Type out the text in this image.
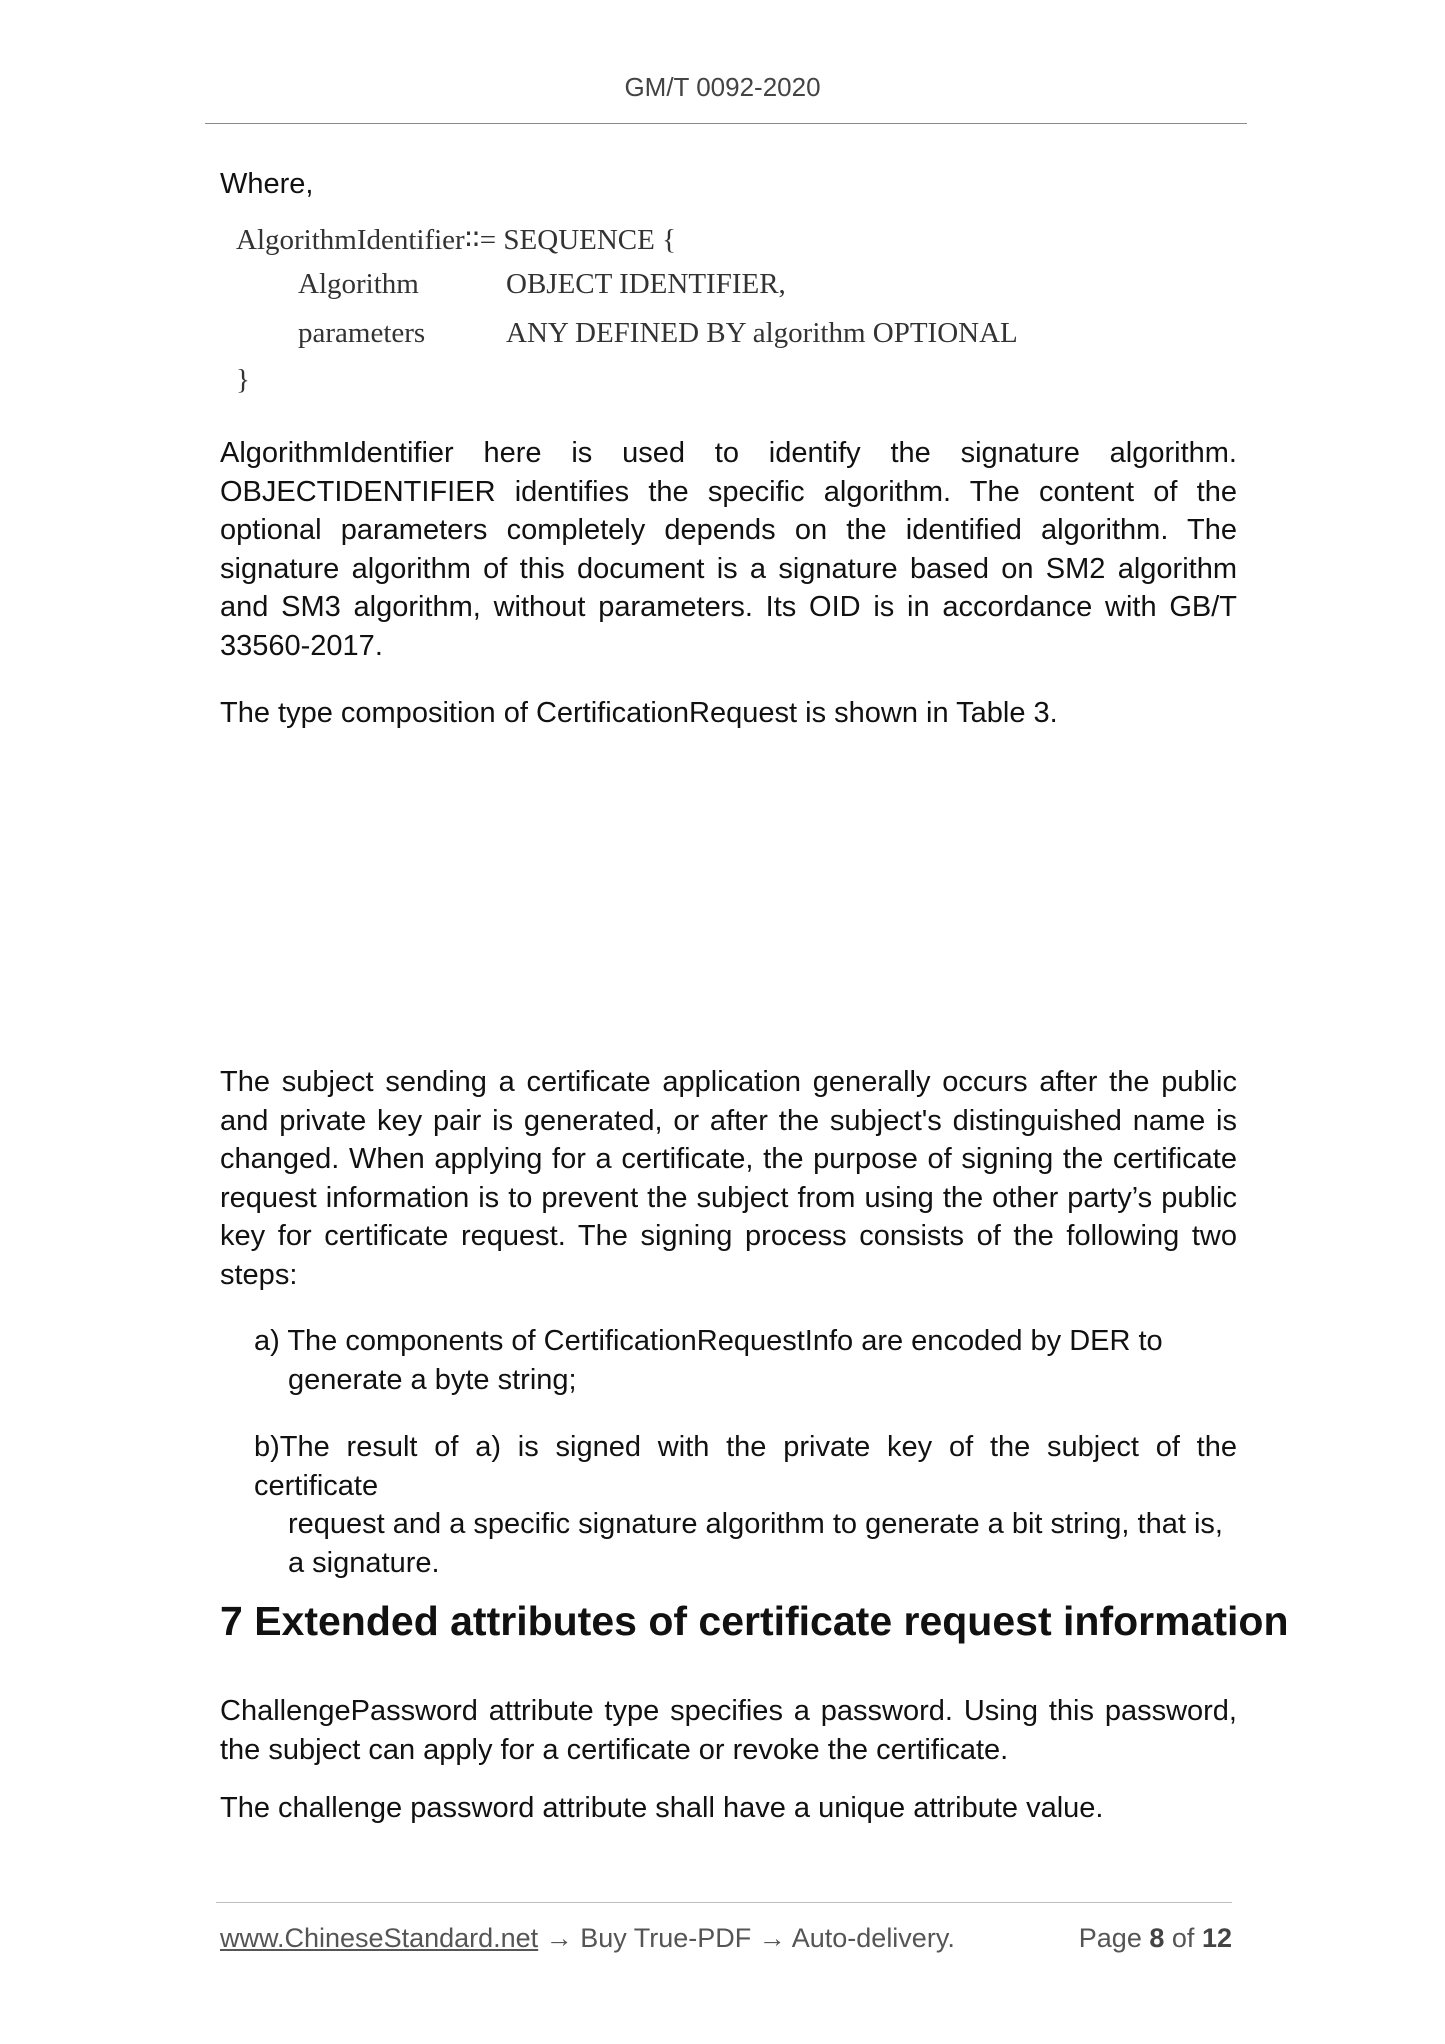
GM/T 0092-2020

Where,

AlgorithmIdentifier∶∶= SEQUENCE {
Algorithm	OBJECT IDENTIFIER,
parameters	ANY DEFINED BY algorithm OPTIONAL
}

AlgorithmIdentifier here is used to identify the signature algorithm. OBJECTIDENTIFIER identifies the specific algorithm. The content of the optional parameters completely depends on the identified algorithm. The signature algorithm of this document is a signature based on SM2 algorithm and SM3 algorithm, without parameters. Its OID is in accordance with GB/T 33560-2017.

The type composition of CertificationRequest is shown in Table 3.

The subject sending a certificate application generally occurs after the public and private key pair is generated, or after the subject's distinguished name is changed. When applying for a certificate, the purpose of signing the certificate request information is to prevent the subject from using the other party’s public key for certificate request. The signing process consists of the following two steps:

a) The components of CertificationRequestInfo are encoded by DER to
generate a byte string;
b)The result of a) is signed with the private key of the subject of the certificate
request and a specific signature algorithm to generate a bit string, that is, a signature.
7 Extended attributes of certificate request information

ChallengePassword attribute type specifies a password. Using this password, the subject can apply for a certificate or revoke the certificate.

The challenge password attribute shall have a unique attribute value.

www.ChineseStandard.net → Buy True-PDF → Auto-delivery.	Page 8 of 12
